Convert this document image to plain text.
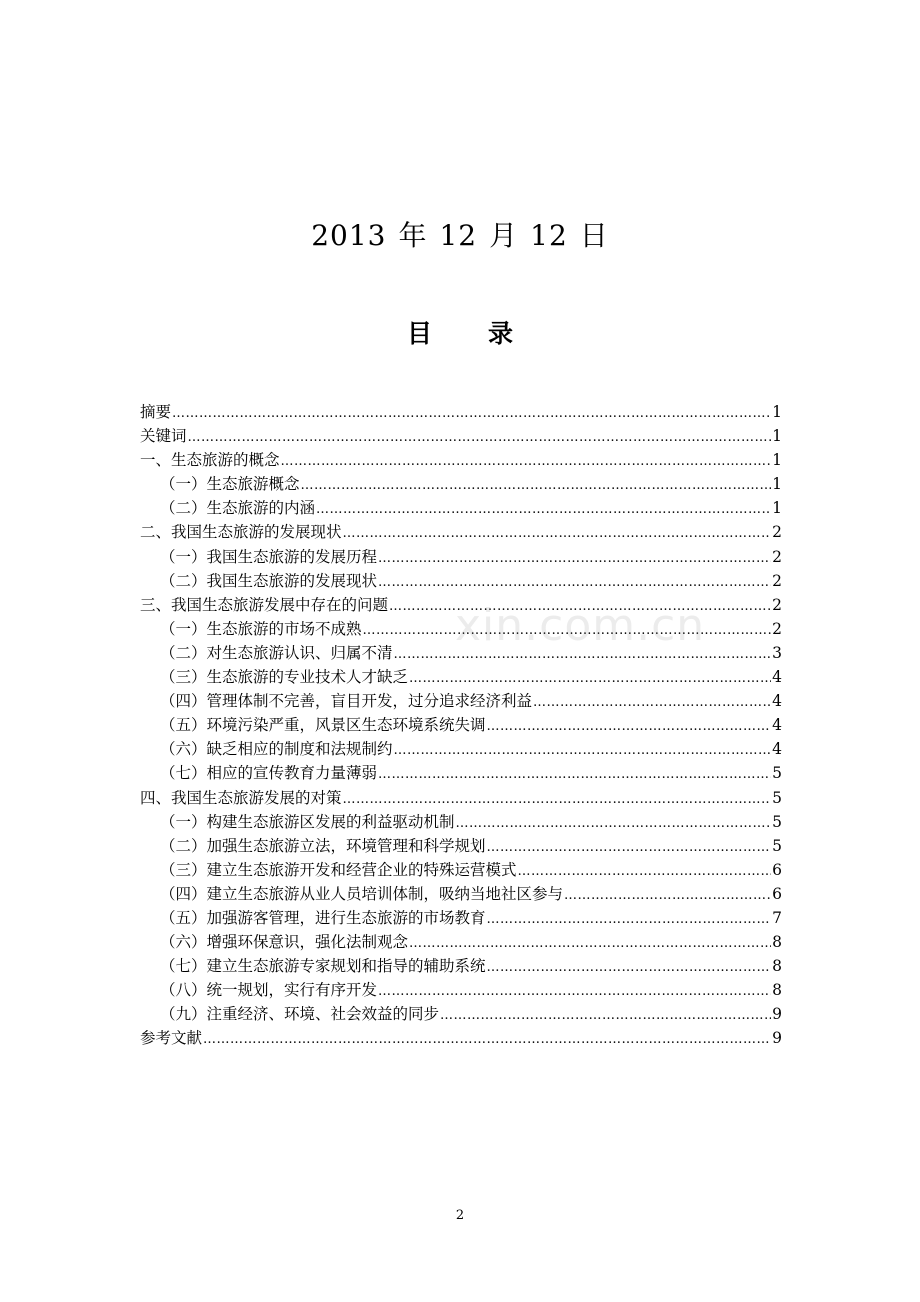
2013 年 12 月 12 日
目 录
摘要 ……………………………………………………………………………………………………………………………………………………………	1
关键词 ……………………………………………………………………………………………………………………………………………………………	1
一、生态旅游的概念 ……………………………………………………………………………………………………………………………………………………………	1
（一）生态旅游概念 ……………………………………………………………………………………………………………………………………………………………	1
（二）生态旅游的内涵 ……………………………………………………………………………………………………………………………………………………………	1
二、我国生态旅游的发展现状 ……………………………………………………………………………………………………………………………………………………………	2
（一）我国生态旅游的发展历程 ……………………………………………………………………………………………………………………………………………………………	2
（二）我国生态旅游的发展现状 ……………………………………………………………………………………………………………………………………………………………	2
三、我国生态旅游发展中存在的问题 ……………………………………………………………………………………………………………………………………………………………	2
（一）生态旅游的市场不成熟 ……………………………………………………………………………………………………………………………………………………………	2
（二）对生态旅游认识、归属不清 ……………………………………………………………………………………………………………………………………………………………	3
（三）生态旅游的专业技术人才缺乏 ……………………………………………………………………………………………………………………………………………………………	4
（四）管理体制不完善，盲目开发，过分追求经济利益 ……………………………………………………………………………………………………………………………………………………………	4
（五）环境污染严重，风景区生态环境系统失调 ……………………………………………………………………………………………………………………………………………………………	4
（六）缺乏相应的制度和法规制约 ……………………………………………………………………………………………………………………………………………………………	4
（七）相应的宣传教育力量薄弱 ……………………………………………………………………………………………………………………………………………………………	5
四、我国生态旅游发展的对策 ……………………………………………………………………………………………………………………………………………………………	5
（一）构建生态旅游区发展的利益驱动机制 ……………………………………………………………………………………………………………………………………………………………	5
（二）加强生态旅游立法，环境管理和科学规划 ……………………………………………………………………………………………………………………………………………………………	5
（三）建立生态旅游开发和经营企业的特殊运营模式 ……………………………………………………………………………………………………………………………………………………………	6
（四）建立生态旅游从业人员培训体制，吸纳当地社区参与 ……………………………………………………………………………………………………………………………………………………………	6
（五）加强游客管理，进行生态旅游的市场教育 ……………………………………………………………………………………………………………………………………………………………	7
（六）增强环保意识，强化法制观念 ……………………………………………………………………………………………………………………………………………………………	8
（七）建立生态旅游专家规划和指导的辅助系统 ……………………………………………………………………………………………………………………………………………………………	8
（八）统一规划，实行有序开发 ……………………………………………………………………………………………………………………………………………………………	8
（九）注重经济、环境、社会效益的同步 ……………………………………………………………………………………………………………………………………………………………	9
参考文献 ……………………………………………………………………………………………………………………………………………………………	9
xin.com.cn
2
